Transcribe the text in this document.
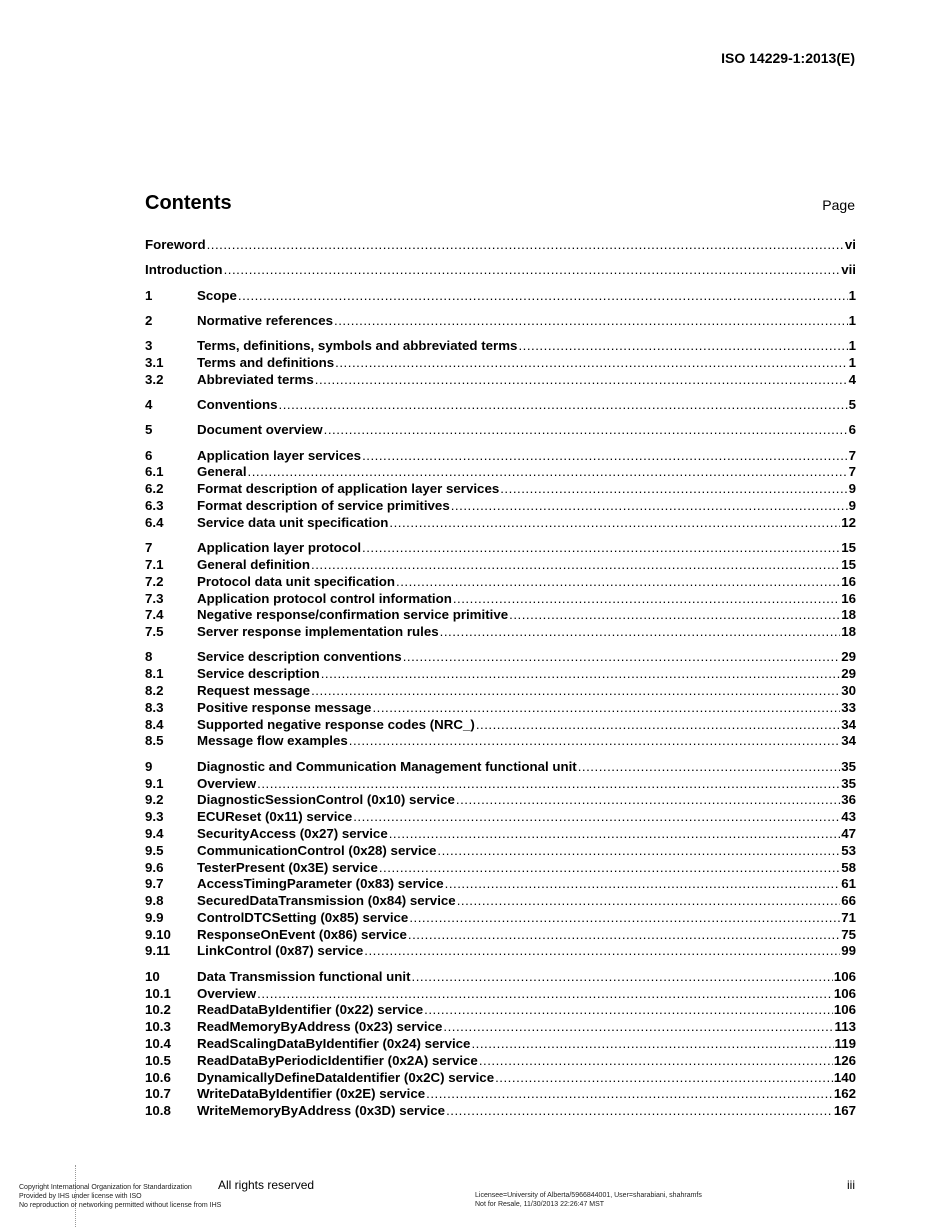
ISO 14229-1:2013(E)
Contents	Page
Foreword .....	vi
Introduction .....	vii
1	Scope .....	1
2	Normative references .....	1
3	Terms, definitions, symbols and abbreviated terms .....	1
3.1	Terms and definitions .....	1
3.2	Abbreviated terms .....	4
4	Conventions .....	5
5	Document overview .....	6
6	Application layer services .....	7
6.1	General .....	7
6.2	Format description of application layer services .....	9
6.3	Format description of service primitives .....	9
6.4	Service data unit specification .....	12
7	Application layer protocol .....	15
7.1	General definition .....	15
7.2	Protocol data unit specification .....	16
7.3	Application protocol control information .....	16
7.4	Negative response/confirmation service primitive .....	18
7.5	Server response implementation rules .....	18
8	Service description conventions .....	29
8.1	Service description .....	29
8.2	Request message .....	30
8.3	Positive response message .....	33
8.4	Supported negative response codes (NRC_) .....	34
8.5	Message flow examples .....	34
9	Diagnostic and Communication Management functional unit .....	35
9.1	Overview .....	35
9.2	DiagnosticSessionControl (0x10) service .....	36
9.3	ECUReset (0x11) service .....	43
9.4	SecurityAccess (0x27) service .....	47
9.5	CommunicationControl (0x28) service .....	53
9.6	TesterPresent (0x3E) service .....	58
9.7	AccessTimingParameter (0x83) service .....	61
9.8	SecuredDataTransmission (0x84) service .....	66
9.9	ControlDTCSetting (0x85) service .....	71
9.10	ResponseOnEvent (0x86) service .....	75
9.11	LinkControl (0x87) service .....	99
10	Data Transmission functional unit .....	106
10.1	Overview .....	106
10.2	ReadDataByIdentifier (0x22) service .....	106
10.3	ReadMemoryByAddress (0x23) service .....	113
10.4	ReadScalingDataByIdentifier (0x24) service .....	119
10.5	ReadDataByPeriodicIdentifier (0x2A) service .....	126
10.6	DynamicallyDefineDataIdentifier (0x2C) service .....	140
10.7	WriteDataByIdentifier (0x2E) service .....	162
10.8	WriteMemoryByAddress (0x3D) service .....	167
Copyright International Organization for Standardization
Provided by IHS under license with ISO
No reproduction or networking permitted without license from IHS
All rights reserved
Licensee=University of Alberta/5966844001, User=sharabiani, shahramfs
Not for Resale, 11/30/2013 22:26:47 MST
iii
